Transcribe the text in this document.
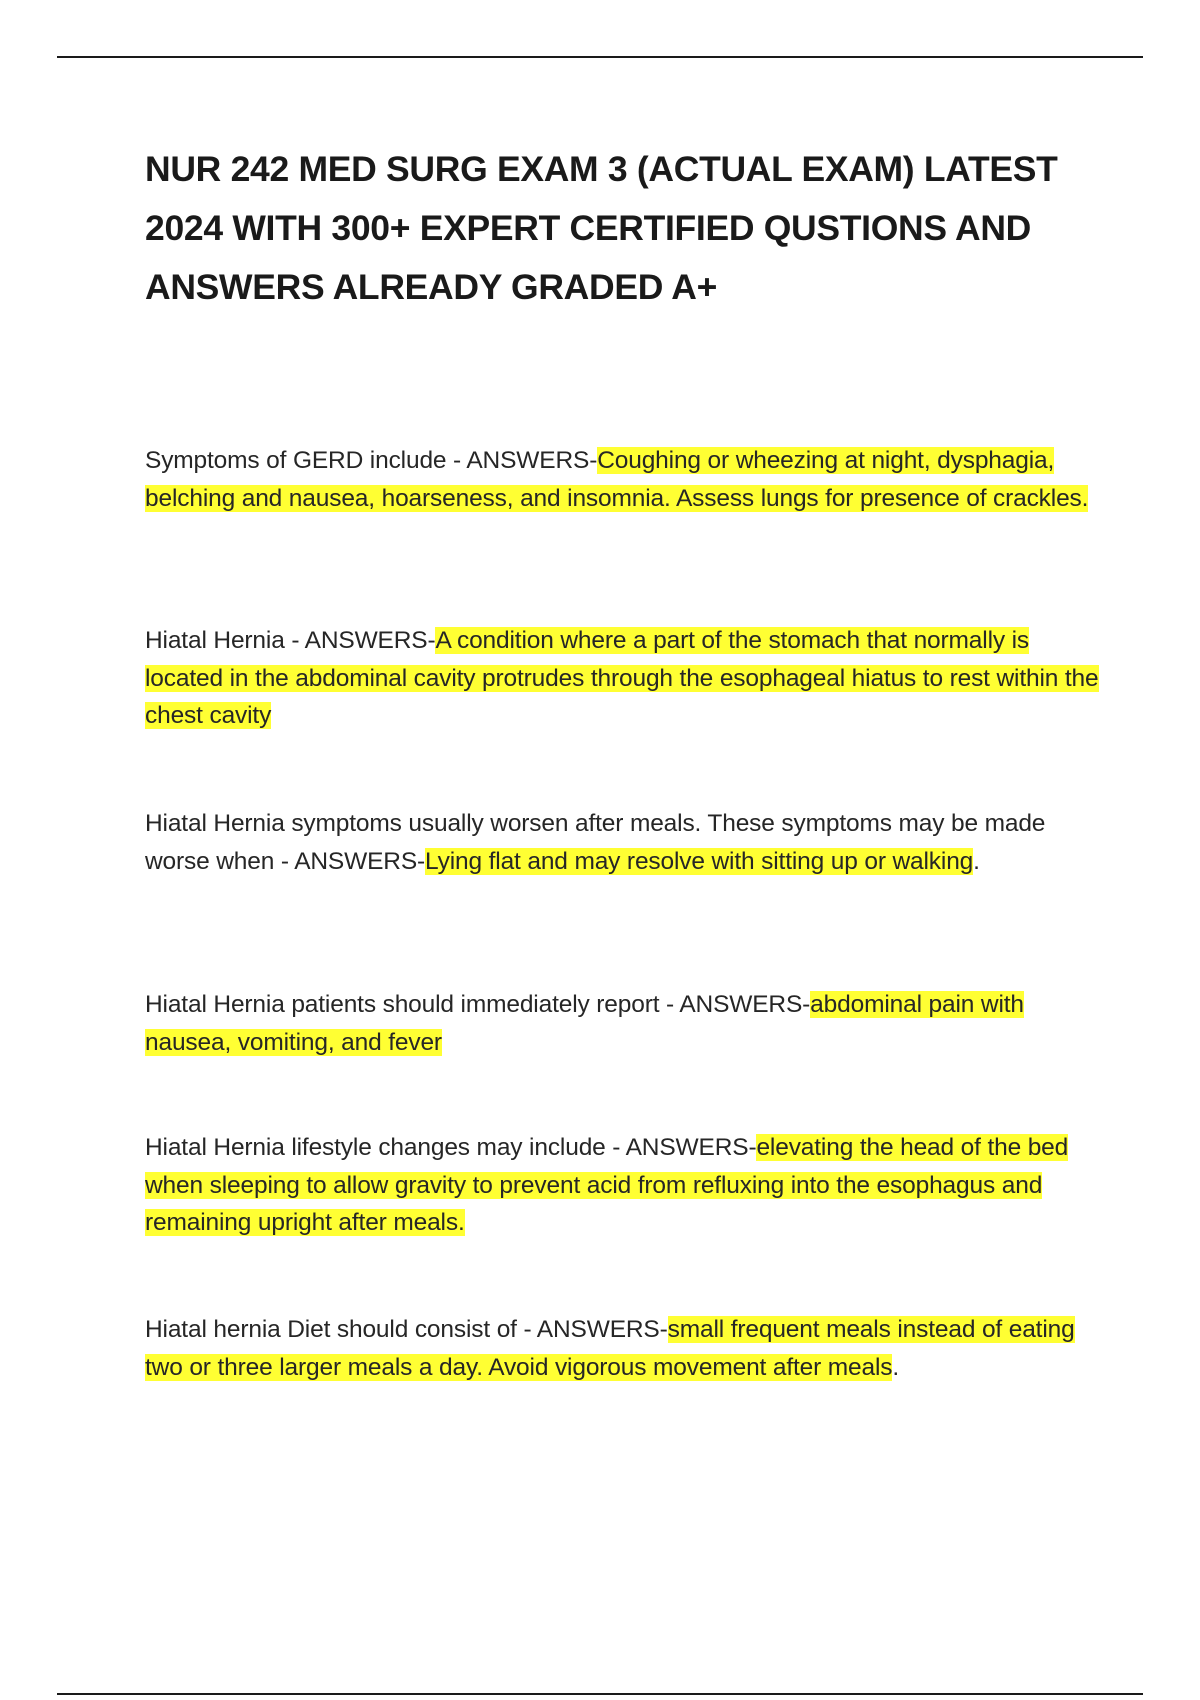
NUR 242 MED SURG EXAM 3 (ACTUAL EXAM) LATEST 2024 WITH 300+ EXPERT CERTIFIED QUSTIONS AND ANSWERS ALREADY GRADED A+

Symptoms of GERD include - ANSWERS-Coughing or wheezing at night, dysphagia, belching and nausea, hoarseness, and insomnia. Assess lungs for presence of crackles.

Hiatal Hernia - ANSWERS-A condition where a part of the stomach that normally is located in the abdominal cavity protrudes through the esophageal hiatus to rest within the chest cavity

Hiatal Hernia symptoms usually worsen after meals. These symptoms may be made worse when - ANSWERS-Lying flat and may resolve with sitting up or walking.

Hiatal Hernia patients should immediately report - ANSWERS-abdominal pain with nausea, vomiting, and fever

Hiatal Hernia lifestyle changes may include - ANSWERS-elevating the head of the bed when sleeping to allow gravity to prevent acid from refluxing into the esophagus and remaining upright after meals.

Hiatal hernia Diet should consist of - ANSWERS-small frequent meals instead of eating two or three larger meals a day. Avoid vigorous movement after meals.
